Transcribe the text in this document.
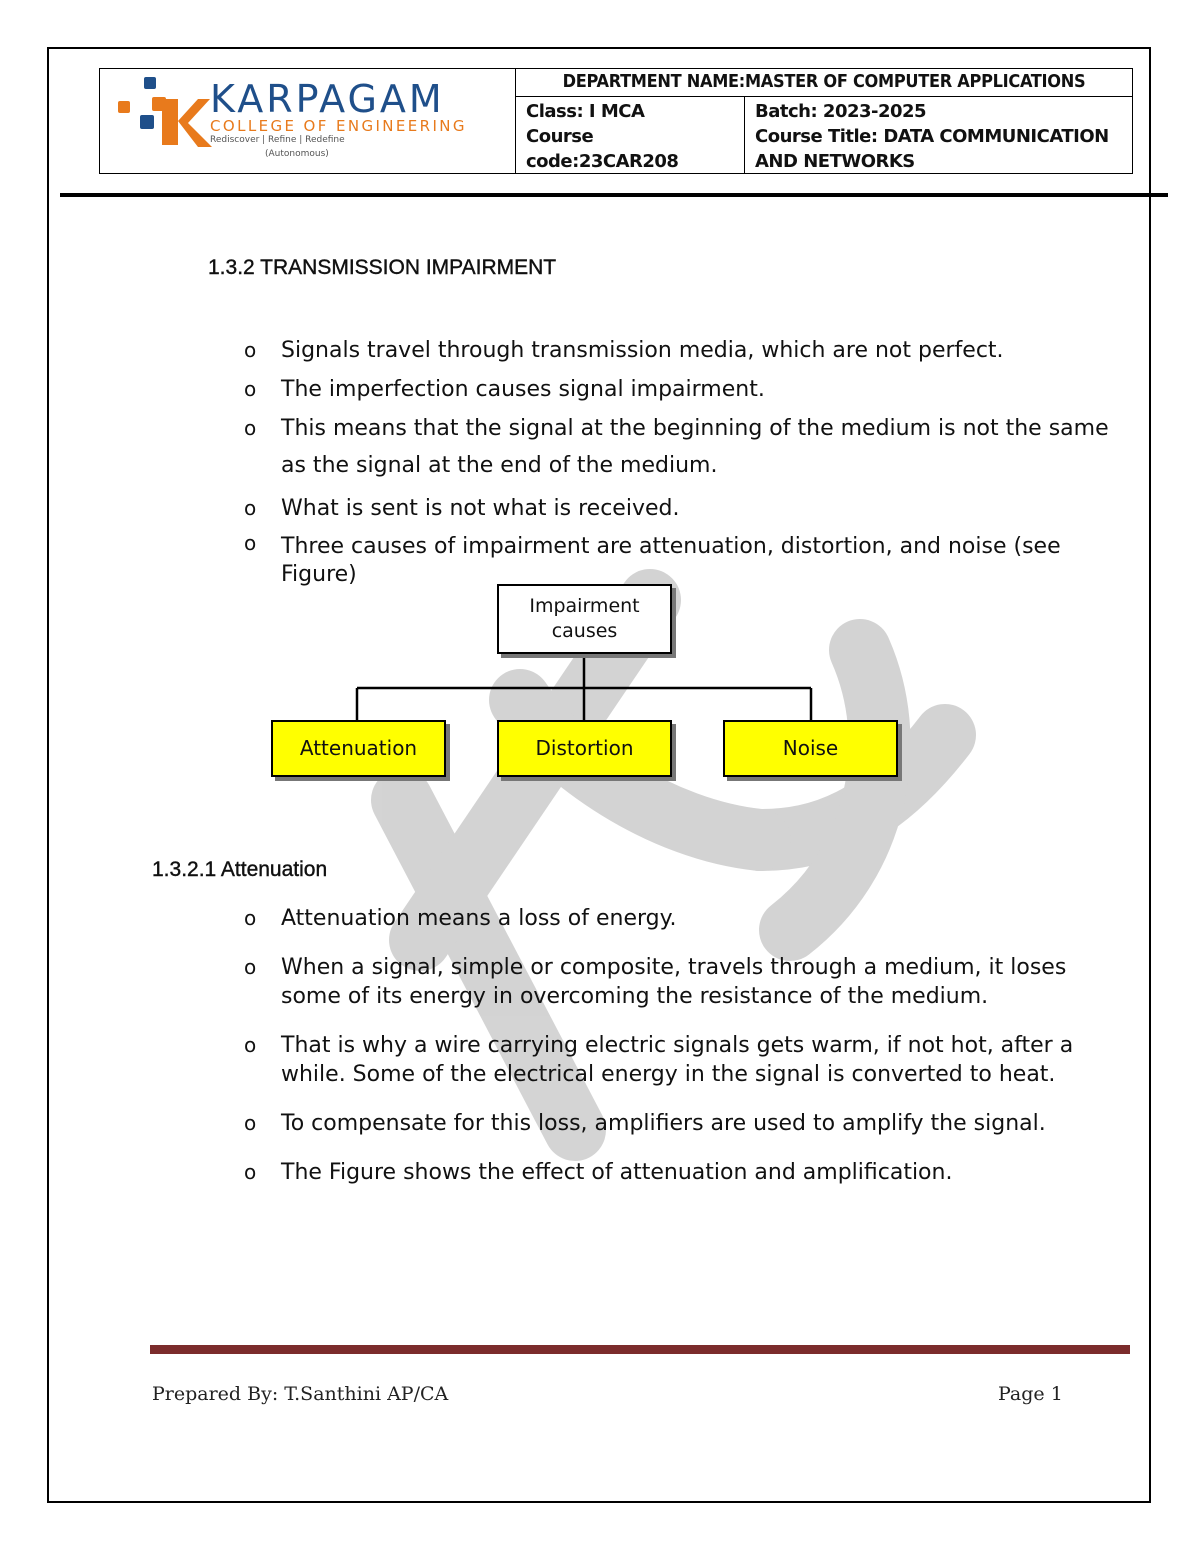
KARPAGAM
COLLEGE OF ENGINEERING
Rediscover | Refine | Redefine
(Autonomous)
DEPARTMENT NAME:MASTER OF COMPUTER APPLICATIONS
Class: I MCA
Course code:23CAR208
Batch: 2023-2025
Course Title: DATA COMMUNICATION
AND NETWORKS
1.3.2 TRANSMISSION IMPAIRMENT
o Signals travel through transmission media, which are not perfect.
o The imperfection causes signal impairment.
o This means that the signal at the beginning of the medium is not the same as the signal at the end of the medium.
o What is sent is not what is received.
o Three causes of impairment are attenuation, distortion, and noise (see Figure)
Impairment
causes
Attenuation	Distortion	Noise
1.3.2.1 Attenuation
o Attenuation means a loss of energy.
o When a signal, simple or composite, travels through a medium, it loses some of its energy in overcoming the resistance of the medium.
o That is why a wire carrying electric signals gets warm, if not hot, after a while. Some of the electrical energy in the signal is converted to heat.
o To compensate for this loss, amplifiers are used to amplify the signal.
o The Figure shows the effect of attenuation and amplification.
Prepared By: T.Santhini AP/CA	Page 1
